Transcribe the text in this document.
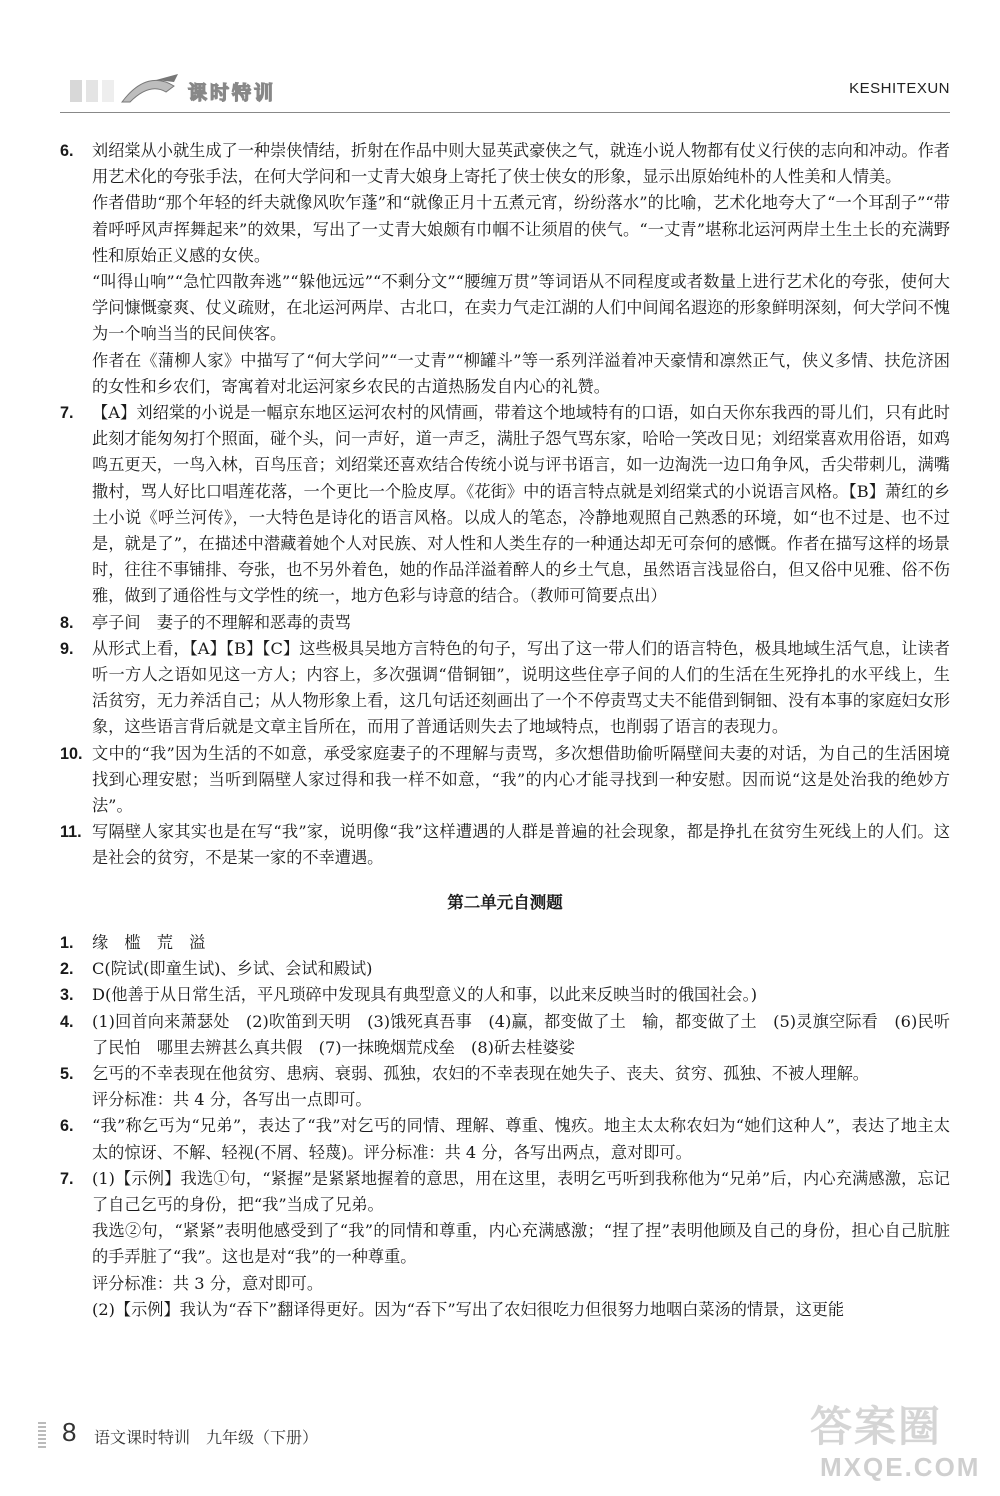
课时特训	KESHITEXUN
6. 刘绍棠从小就生成了一种崇侠情结，折射在作品中则大显英武豪侠之气，就连小说人物都有仗义行侠的志向和冲动。作者用艺术化的夸张手法，在何大学问和一丈青大娘身上寄托了侠士侠女的形象，显示出原始纯朴的人性美和人情美。

作者借助“那个年轻的纤夫就像风吹乍蓬”和“就像正月十五煮元宵，纷纷落水”的比喻，艺术化地夸大了“一个耳刮子”“带着呼呼风声挥舞起来”的效果，写出了一丈青大娘颇有巾帼不让须眉的侠气。“一丈青”堪称北运河两岸土生土长的充满野性和原始正义感的女侠。

“叫得山响”“急忙四散奔逃”“躲他远远”“不剩分文”“腰缠万贯”等词语从不同程度或者数量上进行艺术化的夸张，使何大学问慷慨豪爽、仗义疏财，在北运河两岸、古北口，在卖力气走江湖的人们中间闻名遐迩的形象鲜明深刻，何大学问不愧为一个响当当的民间侠客。

作者在《蒲柳人家》中描写了“何大学问”“一丈青”“柳罐斗”等一系列洋溢着冲天豪情和凛然正气，侠义多情、扶危济困的女性和乡农们，寄寓着对北运河家乡农民的古道热肠发自内心的礼赞。

7. 【A】刘绍棠的小说是一幅京东地区运河农村的风情画，带着这个地域特有的口语，如白天你东我西的哥儿们，只有此时此刻才能匆匆打个照面，碰个头，问一声好，道一声乏，满肚子怨气骂东家，哈哈一笑改日见；刘绍棠喜欢用俗语，如鸡鸣五更天，一鸟入林，百鸟压音；刘绍棠还喜欢结合传统小说与评书语言，如一边淘洗一边口角争风，舌尖带刺儿，满嘴撒村，骂人好比口唱莲花落，一个更比一个脸皮厚。《花街》中的语言特点就是刘绍棠式的小说语言风格。【B】萧红的乡土小说《呼兰河传》，一大特色是诗化的语言风格。以成人的笔态，冷静地观照自己熟悉的环境，如“也不过是、也不过是，就是了”，在描述中潜藏着她个人对民族、对人性和人类生存的一种通达却无可奈何的感慨。作者在描写这样的场景时，往往不事铺排、夸张，也不另外着色，她的作品洋溢着醉人的乡土气息，虽然语言浅显俗白，但又俗中见雅、俗不伤雅，做到了通俗性与文学性的统一，地方色彩与诗意的结合。（教师可简要点出）

8. 亭子间　妻子的不理解和恶毒的责骂

9. 从形式上看，【A】【B】【C】这些极具吴地方言特色的句子，写出了这一带人们的语言特色，极具地域生活气息，让读者听一方人之语如见这一方人；内容上，多次强调“借铜钿”，说明这些住亭子间的人们的生活在生死挣扎的水平线上，生活贫穷，无力养活自己；从人物形象上看，这几句话还刻画出了一个不停责骂丈夫不能借到铜钿、没有本事的家庭妇女形象，这些语言背后就是文章主旨所在，而用了普通话则失去了地域特点，也削弱了语言的表现力。

10. 文中的“我”因为生活的不如意，承受家庭妻子的不理解与责骂，多次想借助偷听隔壁间夫妻的对话，为自己的生活困境找到心理安慰；当听到隔壁人家过得和我一样不如意，“我”的内心才能寻找到一种安慰。因而说“这是处治我的绝妙方法”。

11. 写隔壁人家其实也是在写“我”家，说明像“我”这样遭遇的人群是普遍的社会现象，都是挣扎在贫穷生死线上的人们。这是社会的贫穷，不是某一家的不幸遭遇。

第二单元自测题
1. 缘　槛　荒　溢

2. C(院试(即童生试)、乡试、会试和殿试)

3. D(他善于从日常生活，平凡琐碎中发现具有典型意义的人和事，以此来反映当时的俄国社会。)

4. (1)回首向来萧瑟处　(2)吹笛到天明　(3)饿死真吾事　(4)赢，都变做了土　输，都变做了土　(5)灵旗空际看　(6)民听了民怕　哪里去辨甚么真共假　(7)一抹晚烟荒戍垒　(8)斫去桂婆娑

5. 乞丐的不幸表现在他贫穷、患病、衰弱、孤独，农妇的不幸表现在她失子、丧夫、贫穷、孤独、不被人理解。

评分标准：共 4 分，各写出一点即可。

6. “我”称乞丐为“兄弟”，表达了“我”对乞丐的同情、理解、尊重、愧疚。地主太太称农妇为“她们这种人”，表达了地主太太的惊讶、不解、轻视(不屑、轻蔑)。评分标准：共 4 分，各写出两点，意对即可。

7. (1)【示例】我选①句，“紧握”是紧紧地握着的意思，用在这里，表明乞丐听到我称他为“兄弟”后，内心充满感激，忘记了自己乞丐的身份，把“我”当成了兄弟。

我选②句，“紧紧”表明他感受到了“我”的同情和尊重，内心充满感激；“捏了捏”表明他顾及自己的身份，担心自己肮脏的手弄脏了“我”。这也是对“我”的一种尊重。

评分标准：共 3 分，意对即可。

(2)【示例】我认为“吞下”翻译得更好。因为“吞下”写出了农妇很吃力但很努力地咽白菜汤的情景，这更能

8 语文课时特训　九年级（下册）	答案圈
MXQE.COM
